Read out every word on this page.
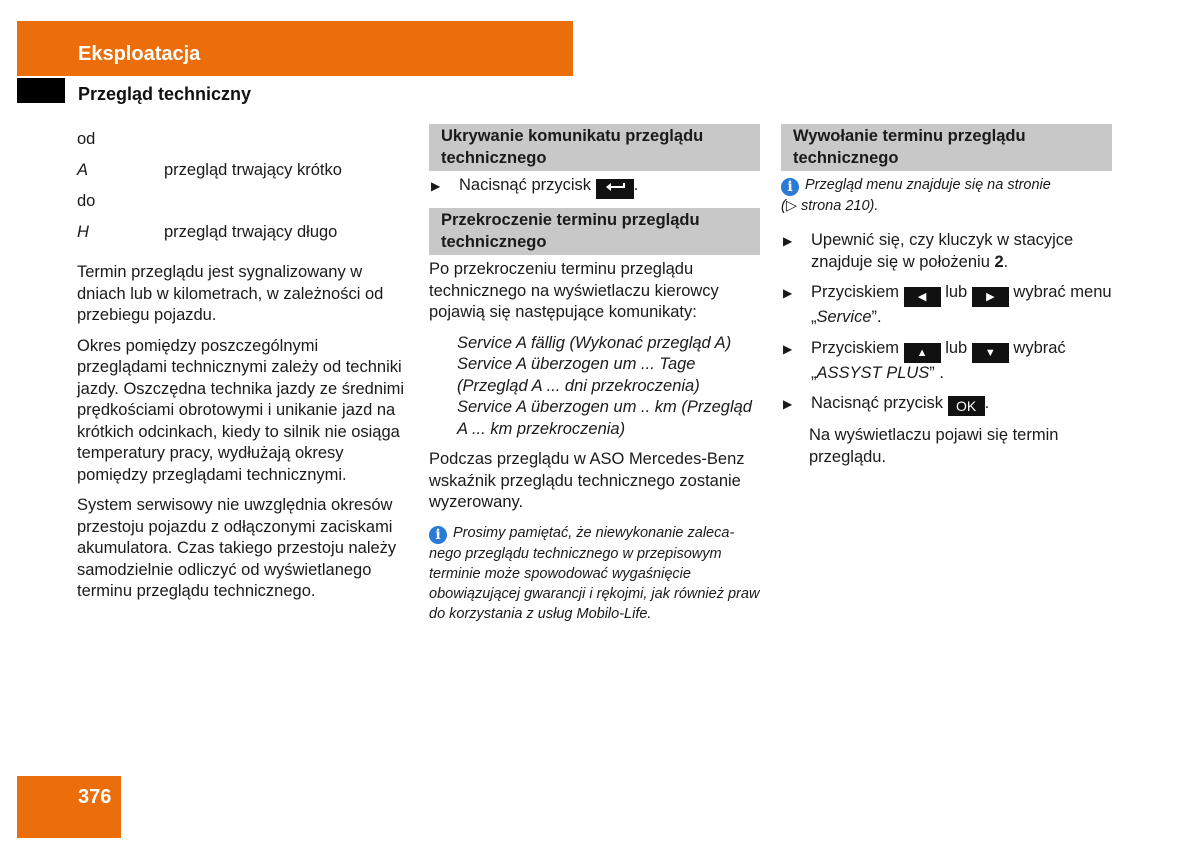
Eksploatacja
Przegląd techniczny
od
A	przegląd trwający krótko
do
H	przegląd trwający długo

Termin przeglądu jest sygnalizowany w dniach lub w kilometrach, w zależności od przebiegu pojazdu.

Okres pomiędzy poszczególnymi przeglądami technicznymi zależy od techniki jazdy. Oszczędna technika jazdy ze średnimi prędkościami obrotowymi i unikanie jazd na krótkich odcinkach, kiedy to silnik nie osiąga temperatury pracy, wydłużają okresy pomiędzy przeglądami technicznymi.

System serwisowy nie uwzględnia okresów przestoju pojazdu z odłączonymi zaciskami akumulatora. Czas takiego przestoju należy samodzielnie odliczyć od wyświetlanego terminu przeglądu technicznego.

Ukrywanie komunikatu przeglądu technicznego
▶	Nacisnąć przycisk	.
Przekroczenie terminu przeglądu technicznego

Po przekroczeniu terminu przeglądu technicznego na wyświetlaczu kierowcy pojawią się następujące komunikaty:

Service A fällig (Wykonać przegląd A)
Service A überzogen um ... Tage (Przegląd A ... dni przekroczenia)
Service A überzogen um .. km (Przegląd A ... km przekroczenia)

Podczas przeglądu w ASO Mercedes-Benz wskaźnik przeglądu technicznego zostanie wyzerowany.

i Prosimy pamiętać, że niewykonanie zalecanego przeglądu technicznego w przepisowym terminie może spowodować wygaśnięcie obowiązującej gwarancji i rękojmi, jak również praw do korzystania z usług Mobilo-Life.
Wywołanie terminu przeglądu technicznego
i Przegląd menu znajduje się na stronie
(▷ strona 210).
▶	Upewnić się, czy kluczyk w stacyjce znajduje się w położeniu 2.
▶	Przyciskiem ◀ lub ▶ wybrać menu „Service”.
▶	Przyciskiem ▲ lub ▼ wybrać „ASSYST PLUS” .
▶	Nacisnąć przycisk OK .
Na wyświetlaczu pojawi się termin przeglądu.
376
